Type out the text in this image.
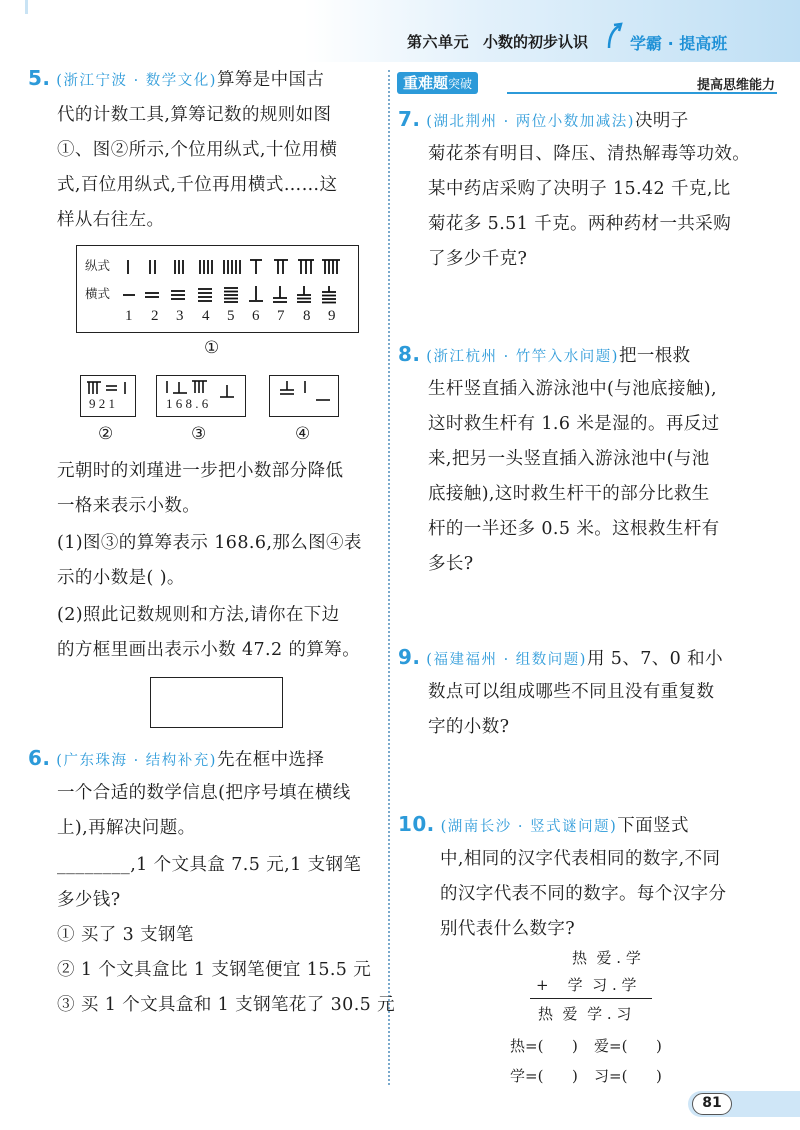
第六单元 小数的初步认识	学霸 · 提高班
5. (浙江宁波 · 数学文化)算筹是中国古
代的计数工具,算筹记数的规则如图
①、图②所示,个位用纵式,十位用横
式,百位用纵式,千位再用横式……这
样从右往左。
纵式
横式
1 2 3 4 5 6 7 8 9
①
9 2 1
②
1 6 8 . 6
③	④
元朝时的刘瑾进一步把小数部分降低
一格来表示小数。
(1)图③的算筹表示 168.6,那么图④表
示的小数是( )。
(2)照此记数规则和方法,请你在下边
的方框里画出表示小数 47.2 的算筹。
6. (广东珠海 · 结构补充)先在框中选择
一个合适的数学信息(把序号填在横线
上),再解决问题。
________,1 个文具盒 7.5 元,1 支钢笔
多少钱?
① 买了 3 支钢笔
② 1 个文具盒比 1 支钢笔便宜 15.5 元
③ 买 1 个文具盒和 1 支钢笔花了 30.5 元
重难题突破	提高思维能力
7. (湖北荆州 · 两位小数加减法)决明子
菊花茶有明目、降压、清热解毒等功效。
某中药店采购了决明子 15.42 千克,比
菊花多 5.51 千克。两种药材一共采购
了多少千克?
8. (浙江杭州 · 竹竿入水问题)把一根救
生杆竖直插入游泳池中(与池底接触),
这时救生杆有 1.6 米是湿的。再反过
来,把另一头竖直插入游泳池中(与池
底接触),这时救生杆干的部分比救生
杆的一半还多 0.5 米。这根救生杆有
多长?
9. (福建福州 · 组数问题)用 5、7、0 和小
数点可以组成哪些不同且没有重复数
字的小数?
10. (湖南长沙 · 竖式谜问题)下面竖式
中,相同的汉字代表相同的数字,不同
的汉字代表不同的数字。每个汉字分
别代表什么数字?
热  爱 . 学
+    学  习 . 学
热  爱  学 . 习
热=(      ) 爱=(      )
学=(      ) 习=(      )
81
